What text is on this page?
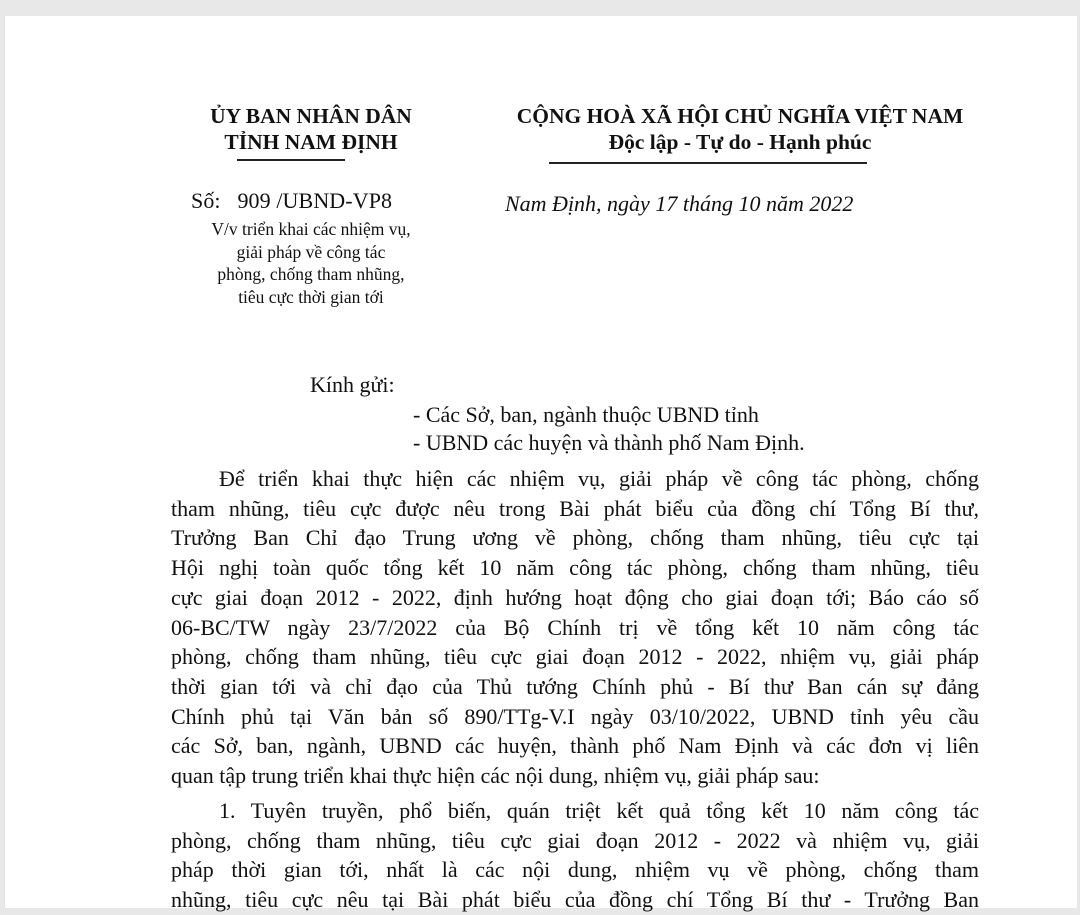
ỦY BAN NHÂN DÂN
TỈNH NAM ĐỊNH
Số:   909 /UBND-VP8
V/v triển khai các nhiệm vụ,
giải pháp về công tác
phòng, chống tham nhũng,
tiêu cực thời gian tới
CỘNG HOÀ XÃ HỘI CHỦ NGHĨA VIỆT NAM
Độc lập - Tự do - Hạnh phúc
Nam Định, ngày 17 tháng 10 năm 2022
Kính gửi:
- Các Sở, ban, ngành thuộc UBND tỉnh
- UBND các huyện và thành phố Nam Định.
Để triển khai thực hiện các nhiệm vụ, giải pháp về công tác phòng, chống
tham nhũng, tiêu cực được nêu trong Bài phát biểu của đồng chí Tổng Bí thư,
Trưởng Ban Chỉ đạo Trung ương về phòng, chống tham nhũng, tiêu cực tại
Hội nghị toàn quốc tổng kết 10 năm công tác phòng, chống tham nhũng, tiêu
cực giai đoạn 2012 - 2022, định hướng hoạt động cho giai đoạn tới; Báo cáo số
06-BC/TW ngày 23/7/2022 của Bộ Chính trị về tổng kết 10 năm công tác
phòng, chống tham nhũng, tiêu cực giai đoạn 2012 - 2022, nhiệm vụ, giải pháp
thời gian tới và chỉ đạo của Thủ tướng Chính phủ - Bí thư Ban cán sự đảng
Chính phủ tại Văn bản số 890/TTg-V.I ngày 03/10/2022, UBND tỉnh yêu cầu
các Sở, ban, ngành, UBND các huyện, thành phố Nam Định và các đơn vị liên
quan tập trung triển khai thực hiện các nội dung, nhiệm vụ, giải pháp sau:
1. Tuyên truyền, phổ biến, quán triệt kết quả tổng kết 10 năm công tác
phòng, chống tham nhũng, tiêu cực giai đoạn 2012 - 2022 và nhiệm vụ, giải
pháp thời gian tới, nhất là các nội dung, nhiệm vụ về phòng, chống tham
nhũng, tiêu cực nêu tại Bài phát biểu của đồng chí Tổng Bí thư - Trưởng Ban
